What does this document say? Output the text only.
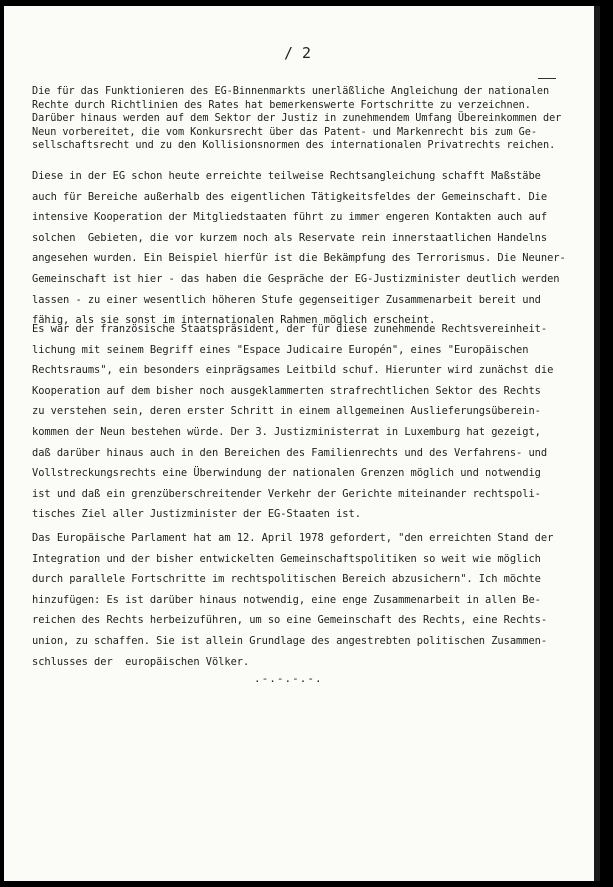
/ 2

Die für das Funktionieren des EG-Binnenmarkts unerläßliche Angleichung der nationalen
Rechte durch Richtlinien des Rates hat bemerkenswerte Fortschritte zu verzeichnen.
Darüber hinaus werden auf dem Sektor der Justiz in zunehmendem Umfang Übereinkommen der
Neun vorbereitet, die vom Konkursrecht über das Patent- und Markenrecht bis zum Ge-
sellschaftsrecht und zu den Kollisionsnormen des internationalen Privatrechts reichen.

Diese in der EG schon heute erreichte teilweise Rechtsangleichung schafft Maßstäbe
auch für Bereiche außerhalb des eigentlichen Tätigkeitsfeldes der Gemeinschaft. Die
intensive Kooperation der Mitgliedstaaten führt zu immer engeren Kontakten auch auf
solchen  Gebieten, die vor kurzem noch als Reservate rein innerstaatlichen Handelns
angesehen wurden. Ein Beispiel hierfür ist die Bekämpfung des Terrorismus. Die Neuner-
Gemeinschaft ist hier - das haben die Gespräche der EG-Justizminister deutlich werden
lassen - zu einer wesentlich höheren Stufe gegenseitiger Zusammenarbeit bereit und
fähig, als sie sonst im internationalen Rahmen möglich erscheint.

Es war der französische Staatspräsident, der für diese zunehmende Rechtsvereinheit-
lichung mit seinem Begriff eines "Espace Judicaire Europén", eines "Europäischen
Rechtsraums", ein besonders einprägsames Leitbild schuf. Hierunter wird zunächst die
Kooperation auf dem bisher noch ausgeklammerten strafrechtlichen Sektor des Rechts
zu verstehen sein, deren erster Schritt in einem allgemeinen Auslieferungsüberein-
kommen der Neun bestehen würde. Der 3. Justizministerrat in Luxemburg hat gezeigt,
daß darüber hinaus auch in den Bereichen des Familienrechts und des Verfahrens- und
Vollstreckungsrechts eine Überwindung der nationalen Grenzen möglich und notwendig
ist und daß ein grenzüberschreitender Verkehr der Gerichte miteinander rechtspoli-
tisches Ziel aller Justizminister der EG-Staaten ist.

Das Europäische Parlament hat am 12. April 1978 gefordert, "den erreichten Stand der
Integration und der bisher entwickelten Gemeinschaftspolitiken so weit wie möglich
durch parallele Fortschritte im rechtspolitischen Bereich abzusichern". Ich möchte
hinzufügen: Es ist darüber hinaus notwendig, eine enge Zusammenarbeit in allen Be-
reichen des Rechts herbeizuführen, um so eine Gemeinschaft des Rechts, eine Rechts-
union, zu schaffen. Sie ist allein Grundlage des angestrebten politischen Zusammen-
schlusses der  europäischen Völker.

.-.-.-.-.
